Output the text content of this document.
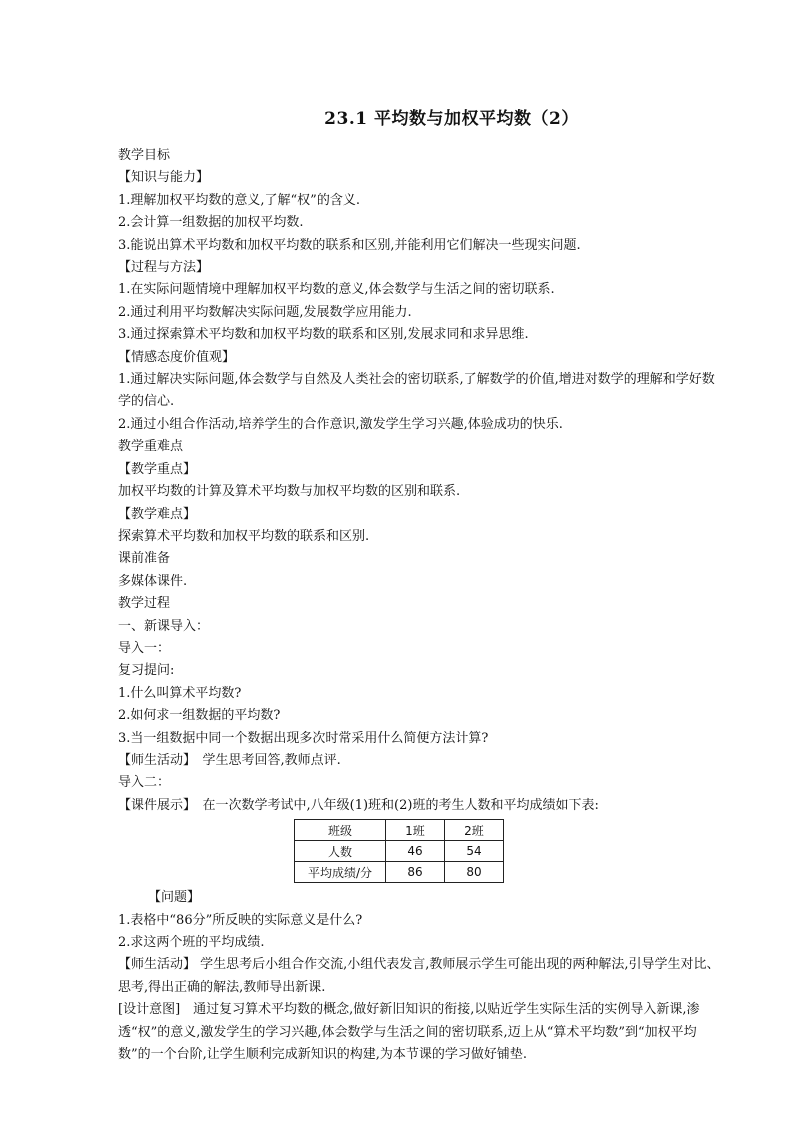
23.1 平均数与加权平均数（2）
教学目标
【知识与能力】
1.理解加权平均数的意义,了解“权”的含义.
2.会计算一组数据的加权平均数.
3.能说出算术平均数和加权平均数的联系和区别,并能利用它们解决一些现实问题.
【过程与方法】
1.在实际问题情境中理解加权平均数的意义,体会数学与生活之间的密切联系.
2.通过利用平均数解决实际问题,发展数学应用能力.
3.通过探索算术平均数和加权平均数的联系和区别,发展求同和求异思维.
【情感态度价值观】
1.通过解决实际问题,体会数学与自然及人类社会的密切联系,了解数学的价值,增进对数学的理解和学好数学的信心.
2.通过小组合作活动,培养学生的合作意识,激发学生学习兴趣,体验成功的快乐.
教学重难点
【教学重点】
加权平均数的计算及算术平均数与加权平均数的区别和联系.
【教学难点】
探索算术平均数和加权平均数的联系和区别.
课前准备
多媒体课件.
教学过程
一、新课导入：
导入一：
复习提问:
1.什么叫算术平均数?
2.如何求一组数据的平均数?
3.当一组数据中同一个数据出现多次时常采用什么简便方法计算?
【师生活动】　学生思考回答,教师点评.
导入二：
【课件展示】　在一次数学考试中,八年级(1)班和(2)班的考生人数和平均成绩如下表:
班级	1班	2班
人数	46	54
平均成绩/分	86	80
【问题】
1.表格中“86分”所反映的实际意义是什么?
2.求这两个班的平均成绩.
【师生活动】 学生思考后小组合作交流,小组代表发言,教师展示学生可能出现的两种解法,引导学生对比、思考,得出正确的解法,教师导出新课.
[设计意图]　通过复习算术平均数的概念,做好新旧知识的衔接,以贴近学生实际生活的实例导入新课,渗透“权”的意义,激发学生的学习兴趣,体会数学与生活之间的密切联系,迈上从“算术平均数”到“加权平均数”的一个台阶,让学生顺利完成新知识的构建,为本节课的学习做好铺垫.
